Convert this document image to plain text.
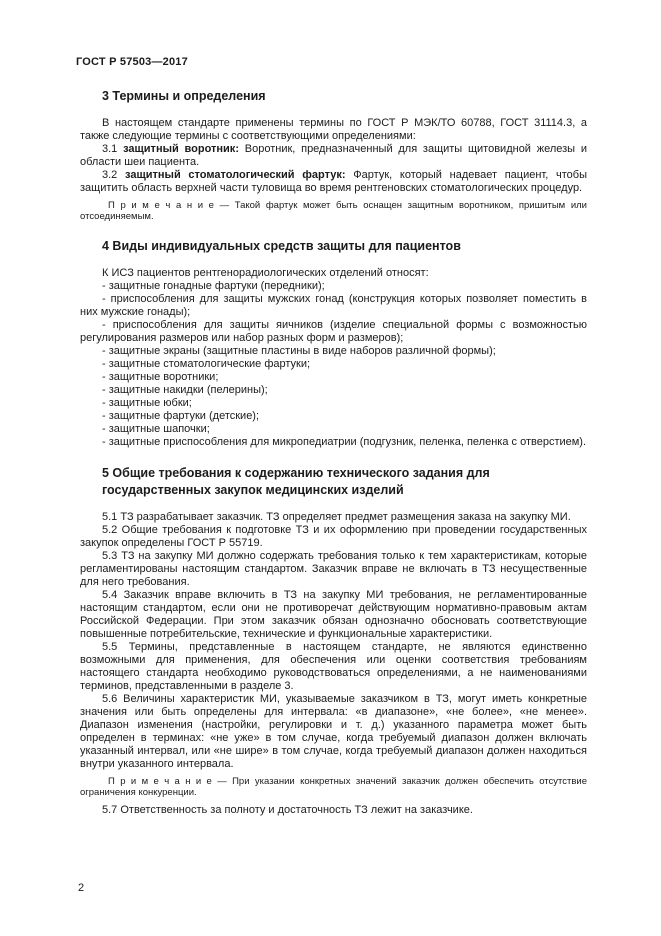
ГОСТ Р 57503—2017
3 Термины и определения

В настоящем стандарте применены термины по ГОСТ Р МЭК/ТО 60788, ГОСТ 31114.3, а также следующие термины с соответствующими определениями:

3.1 защитный воротник: Воротник, предназначенный для защиты щитовидной железы и области шеи пациента.

3.2 защитный стоматологический фартук: Фартук, который надевает пациент, чтобы защитить область верхней части туловища во время рентгеновских стоматологических процедур.

П р и м е ч а н и е — Такой фартук может быть оснащен защитным воротником, пришитым или отсоединяемым.

4 Виды индивидуальных средств защиты для пациентов

К ИСЗ пациентов рентгенорадиологических отделений относят:

- защитные гонадные фартуки (передники);

- приспособления для защиты мужских гонад (конструкция которых позволяет поместить в них мужские гонады);

- приспособления для защиты яичников (изделие специальной формы с возможностью регулирования размеров или набор разных форм и размеров);

- защитные экраны (защитные пластины в виде наборов различной формы);

- защитные стоматологические фартуки;

- защитные воротники;

- защитные накидки (пелерины);

- защитные юбки;

- защитные фартуки (детские);

- защитные шапочки;

- защитные приспособления для микропедиатрии (подгузник, пеленка, пеленка с отверстием).

5 Общие требования к содержанию технического задания для государственных закупок медицинских изделий

5.1 ТЗ разрабатывает заказчик. ТЗ определяет предмет размещения заказа на закупку МИ.

5.2 Общие требования к подготовке ТЗ и их оформлению при проведении государственных закупок определены ГОСТ Р 55719.

5.3 ТЗ на закупку МИ должно содержать требования только к тем характеристикам, которые регламентированы настоящим стандартом. Заказчик вправе не включать в ТЗ несущественные для него требования.

5.4 Заказчик вправе включить в ТЗ на закупку МИ требования, не регламентированные настоящим стандартом, если они не противоречат действующим нормативно-правовым актам Российской Федерации. При этом заказчик обязан однозначно обосновать соответствующие повышенные потребительские, технические и функциональные характеристики.

5.5 Термины, представленные в настоящем стандарте, не являются единственно возможными для применения, для обеспечения или оценки соответствия требованиям настоящего стандарта необходимо руководствоваться определениями, а не наименованиями терминов, представленными в разделе 3.

5.6 Величины характеристик МИ, указываемые заказчиком в ТЗ, могут иметь конкретные значения или быть определены для интервала: «в диапазоне», «не более», «не менее». Диапазон изменения (настройки, регулировки и т. д.) указанного параметра может быть определен в терминах: «не уже» в том случае, когда требуемый диапазон должен включать указанный интервал, или «не шире» в том случае, когда требуемый диапазон должен находиться внутри указанного интервала.

П р и м е ч а н и е — При указании конкретных значений заказчик должен обеспечить отсутствие ограничения конкуренции.

5.7 Ответственность за полноту и достаточность ТЗ лежит на заказчике.

2
